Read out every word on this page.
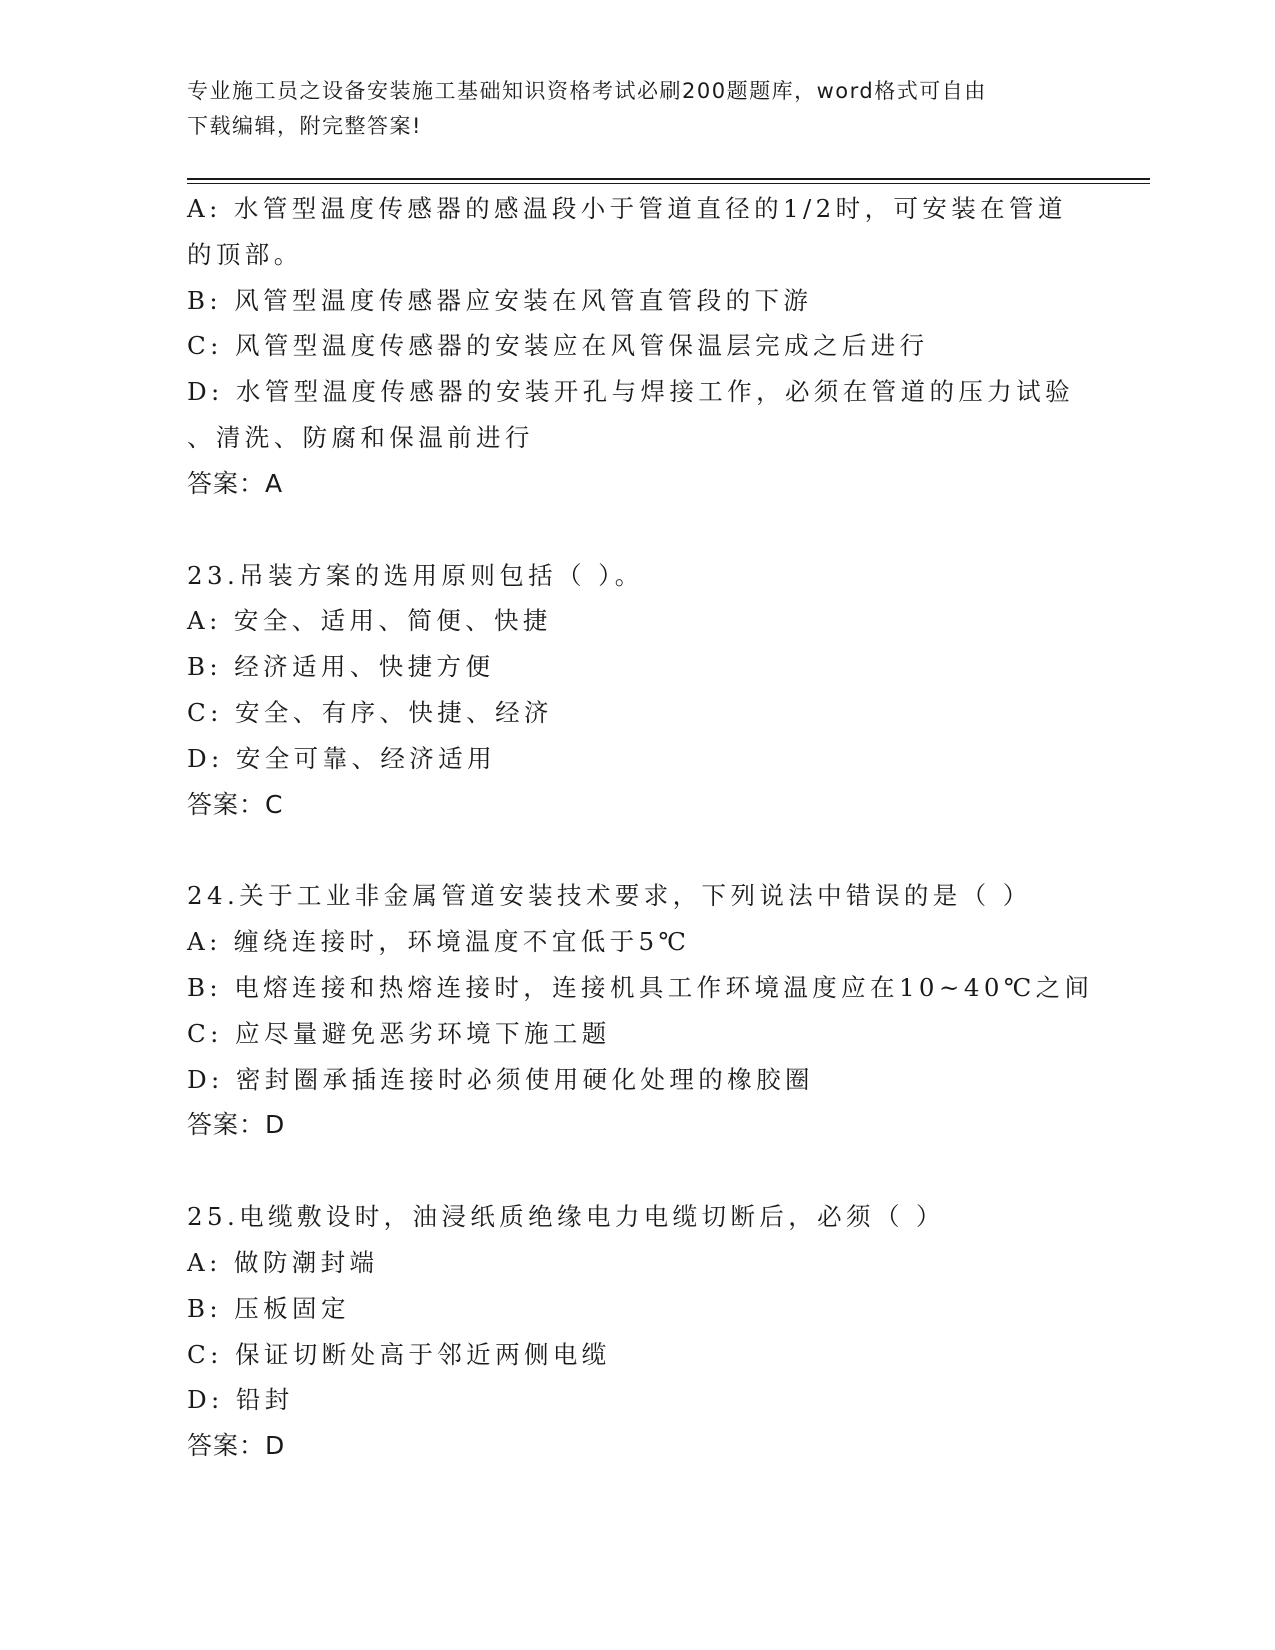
专业施工员之设备安装施工基础知识资格考试必刷200题题库，word格式可自由
下载编辑，附完整答案!
A: 水管型温度传感器的感温段小于管道直径的1/2时，可安装在管道
的顶部。
B: 风管型温度传感器应安装在风管直管段的下游
C: 风管型温度传感器的安装应在风管保温层完成之后进行
D: 水管型温度传感器的安装开孔与焊接工作，必须在管道的压力试验
、清洗、防腐和保温前进行
答案：A
23.吊装方案的选用原则包括（ ）。
A: 安全、适用、简便、快捷
B: 经济适用、快捷方便
C: 安全、有序、快捷、经济
D: 安全可靠、经济适用
答案：C
24.关于工业非金属管道安装技术要求，下列说法中错误的是（ ）
A: 缠绕连接时，环境温度不宜低于5℃
B: 电熔连接和热熔连接时，连接机具工作环境温度应在10~40℃之间
C: 应尽量避免恶劣环境下施工题
D: 密封圈承插连接时必须使用硬化处理的橡胶圈
答案：D
25.电缆敷设时，油浸纸质绝缘电力电缆切断后，必须（ ）
A: 做防潮封端
B: 压板固定
C: 保证切断处高于邻近两侧电缆
D: 铅封
答案：D
